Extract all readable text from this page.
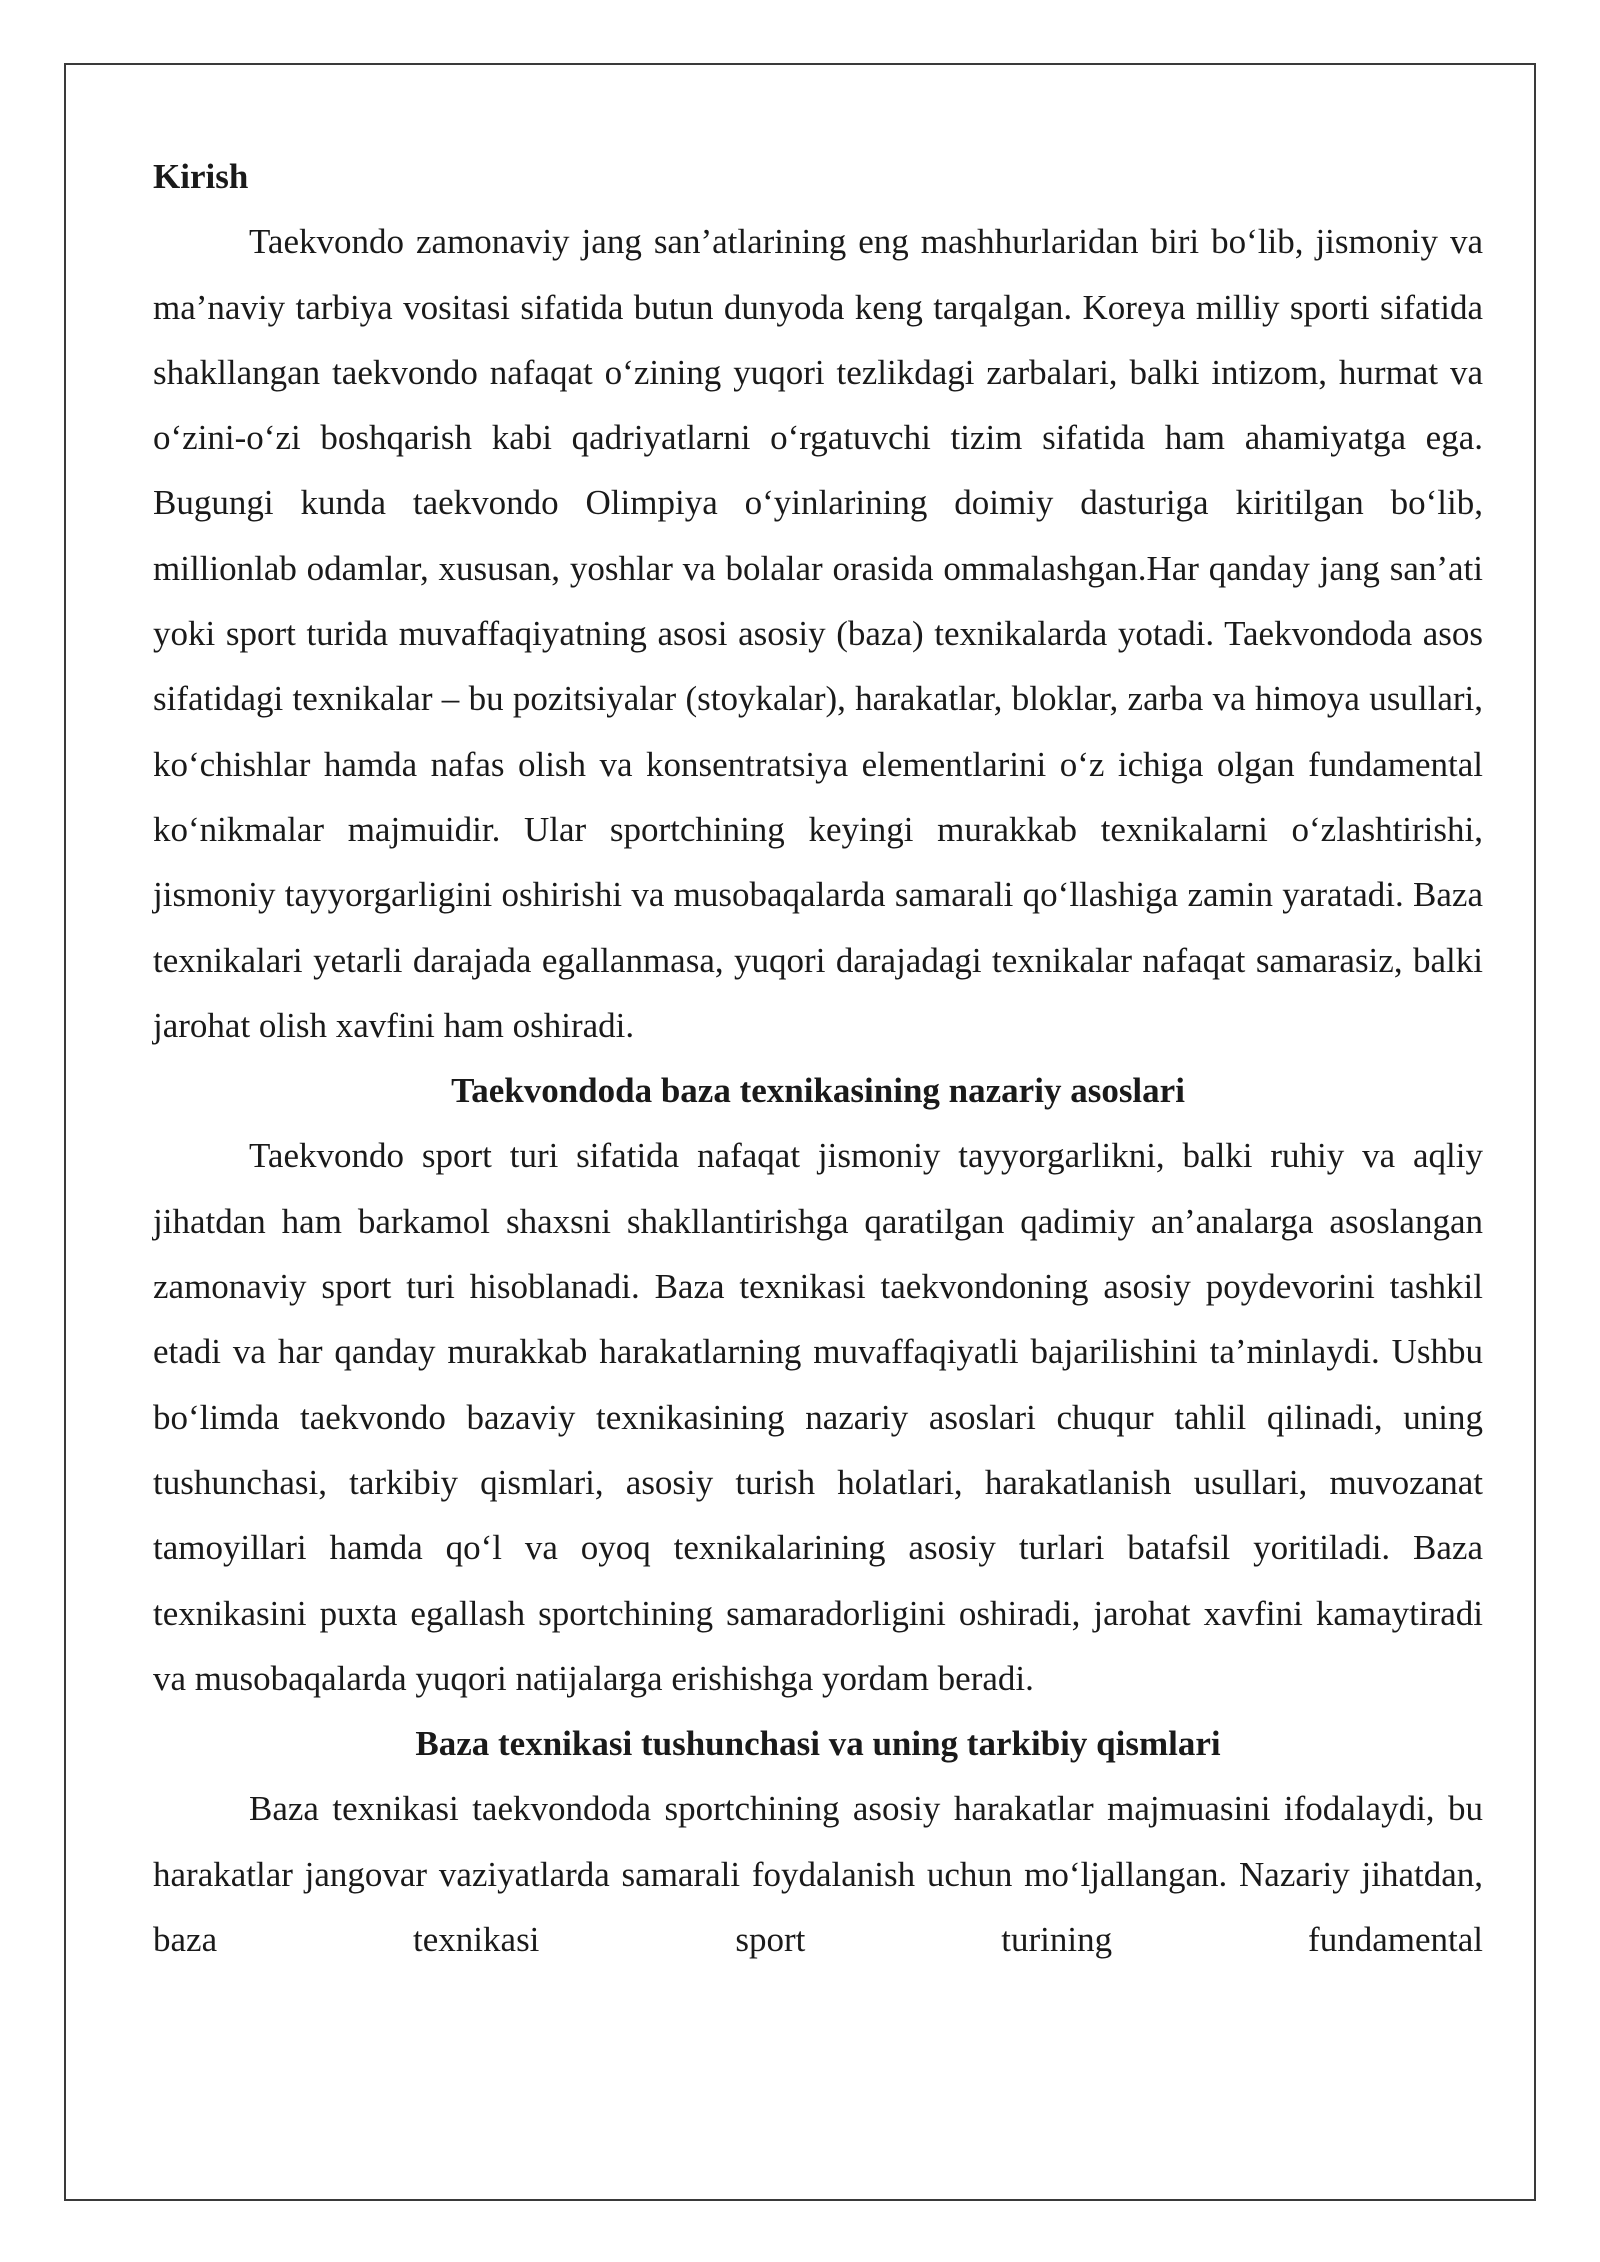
Kirish

Taekvondo zamonaviy jang san’atlarining eng mashhurlaridan biri bo‘lib, jismoniy va ma’naviy tarbiya vositasi sifatida butun dunyoda keng tarqalgan. Koreya milliy sporti sifatida shakllangan taekvondo nafaqat o‘zining yuqori tezlikdagi zarbalari, balki intizom, hurmat va o‘zini-o‘zi boshqarish kabi qadriyatlarni o‘rgatuvchi tizim sifatida ham ahamiyatga ega. Bugungi kunda taekvondo Olimpiya o‘yinlarining doimiy dasturiga kiritilgan bo‘lib, millionlab odamlar, xususan, yoshlar va bolalar orasida ommalashgan.Har qanday jang san’ati yoki sport turida muvaffaqiyatning asosi asosiy (baza) texnikalarda yotadi. Taekvondoda asos sifatidagi texnikalar – bu pozitsiyalar (stoykalar), harakatlar, bloklar, zarba va himoya usullari, ko‘chishlar hamda nafas olish va konsentratsiya elementlarini o‘z ichiga olgan fundamental ko‘nikmalar majmuidir. Ular sportchining keyingi murakkab texnikalarni o‘zlashtirishi, jismoniy tayyorgarligini oshirishi va musobaqalarda samarali qo‘llashiga zamin yaratadi. Baza texnikalari yetarli darajada egallanmasa, yuqori darajadagi texnikalar nafaqat samarasiz, balki jarohat olish xavfini ham oshiradi.

Taekvondoda baza texnikasining nazariy asoslari

Taekvondo sport turi sifatida nafaqat jismoniy tayyorgarlikni, balki ruhiy va aqliy jihatdan ham barkamol shaxsni shakllantirishga qaratilgan qadimiy an’analarga asoslangan zamonaviy sport turi hisoblanadi. Baza texnikasi taekvondoning asosiy poydevorini tashkil etadi va har qanday murakkab harakatlarning muvaffaqiyatli bajarilishini ta’minlaydi. Ushbu bo‘limda taekvondo bazaviy texnikasining nazariy asoslari chuqur tahlil qilinadi, uning tushunchasi, tarkibiy qismlari, asosiy turish holatlari, harakatlanish usullari, muvozanat tamoyillari hamda qo‘l va oyoq texnikalarining asosiy turlari batafsil yoritiladi. Baza texnikasini puxta egallash sportchining samaradorligini oshiradi, jarohat xavfini kamaytiradi va musobaqalarda yuqori natijalarga erishishga yordam beradi.

Baza texnikasi tushunchasi va uning tarkibiy qismlari

Baza texnikasi taekvondoda sportchining asosiy harakatlar majmuasini ifodalaydi, bu harakatlar jangovar vaziyatlarda samarali foydalanish uchun mo‘ljallangan. Nazariy jihatdan, baza texnikasi sport turining fundamental
